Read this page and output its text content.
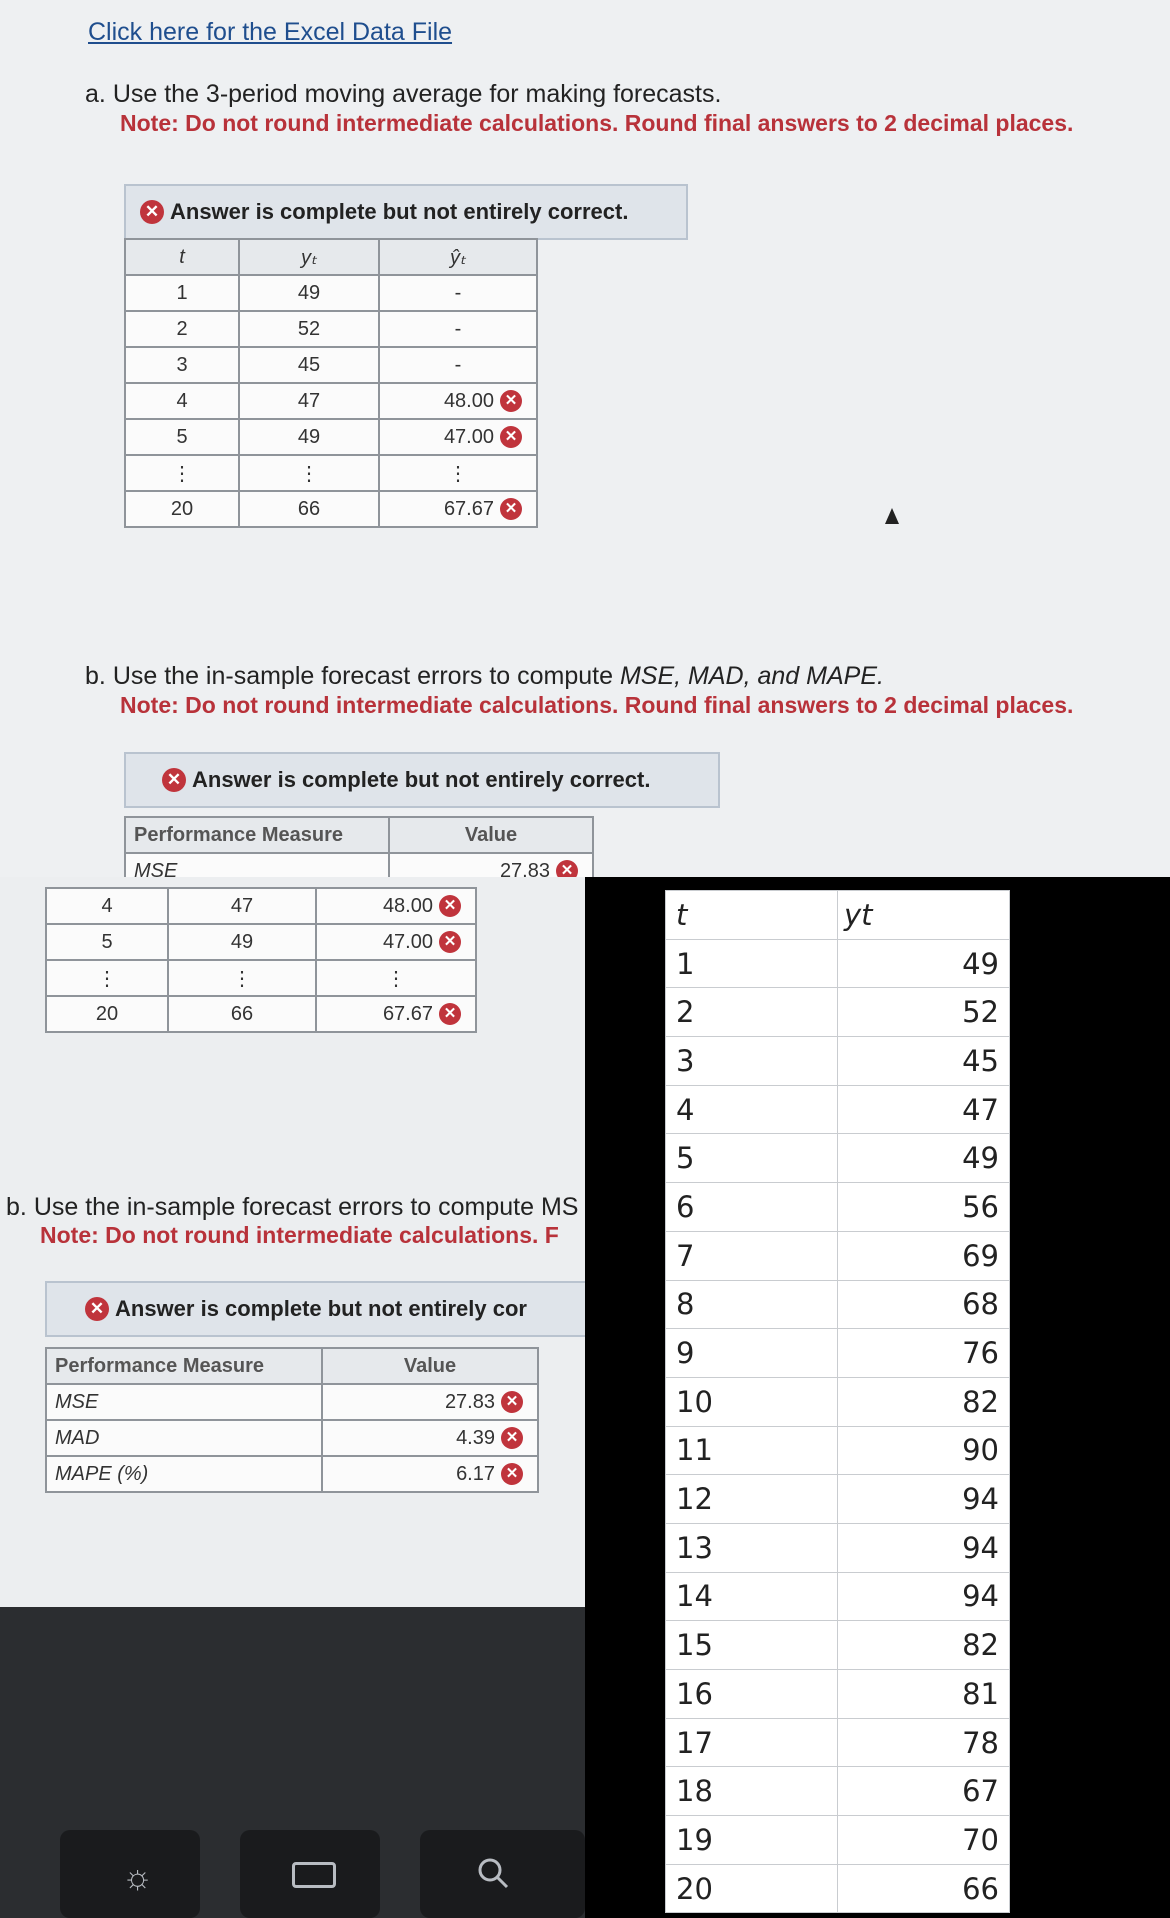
Click here for the Excel Data File
a. Use the 3-period moving average for making forecasts.
Note: Do not round intermediate calculations. Round final answers to 2 decimal places.
✕ Answer is complete but not entirely correct.
t	yₜ	ŷₜ
1	49	-
2	52	-
3	45	-
4	47	48.00 ✕

5	49	47.00 ✕

⋮	⋮	⋮
20	66	67.67 ✕
b. Use the in-sample forecast errors to compute MSE, MAD, and MAPE.
Note: Do not round intermediate calculations. Round final answers to 2 decimal places.
✕ Answer is complete but not entirely correct.
Performance Measure	Value
MSE	27.83 ✕
4	47	48.00 ✕

5	49	47.00 ✕

⋮	⋮	⋮
20	66	67.67 ✕
b. Use the in-sample forecast errors to compute MS
Note: Do not round intermediate calculations. F
✕ Answer is complete but not entirely cor
Performance Measure	Value
MSE	27.83 ✕

MAD	4.39 ✕

MAPE (%)	6.17 ✕
☼
t	yt
1	49
2	52
3	45
4	47
5	49
6	56
7	69
8	68
9	76
10	82
11	90
12	94
13	94
14	94
15	82
16	81
17	78
18	67
19	70
20	66
